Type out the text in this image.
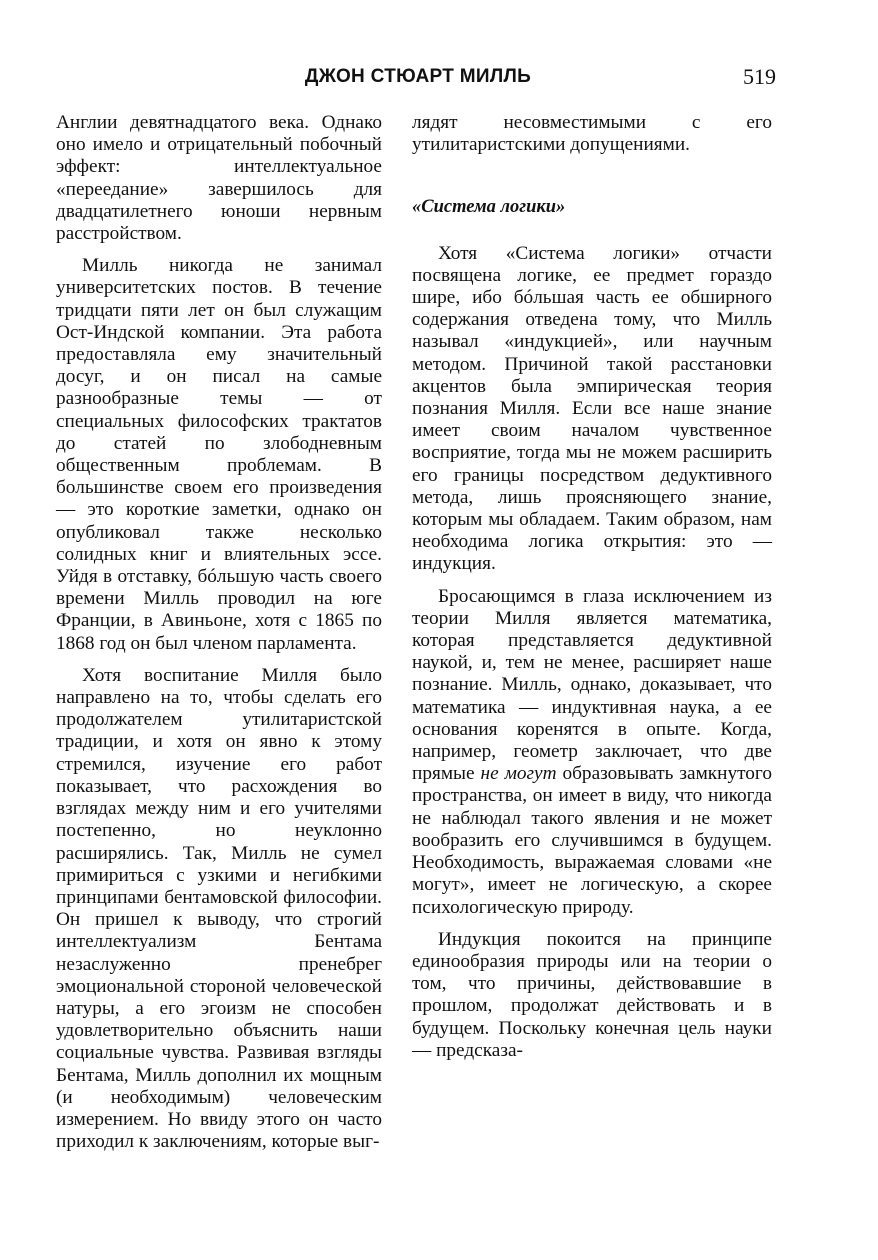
ДЖОН СТЮАРТ МИЛЛЬ	519

Англии девятнадцатого века. Однако оно имело и отрицательный побочный эффект: интеллектуальное «переедание» завершилось для двадцатилетнего юноши нервным расстройством.

Милль никогда не занимал университетских постов. В течение тридцати пяти лет он был служащим Ост-Индской компании. Эта работа предоставляла ему значительный досуг, и он писал на самые разнообразные темы — от специальных философских трактатов до статей по злободневным общественным проблемам. В большинстве своем его произведения — это короткие заметки, однако он опубликовал также несколько солидных книг и влиятельных эссе. Уйдя в отставку, бóльшую часть своего времени Милль проводил на юге Франции, в Авиньоне, хотя с 1865 по 1868 год он был членом парламента.

Хотя воспитание Милля было направлено на то, чтобы сделать его продолжателем утилитаристской традиции, и хотя он явно к этому стремился, изучение его работ показывает, что расхождения во взглядах между ним и его учителями постепенно, но неуклонно расширялись. Так, Милль не сумел примириться с узкими и негибкими принципами бентамовской философии. Он пришел к выводу, что строгий интеллектуализм Бентама незаслуженно пренебрег эмоциональной стороной человеческой натуры, а его эгоизм не способен удовлетворительно объяснить наши социальные чувства. Развивая взгляды Бентама, Милль дополнил их мощным (и необходимым) человеческим измерением. Но ввиду этого он часто приходил к заключениям, которые выг-

лядят несовместимыми с его утилитаристскими допущениями.

«Система логики»

Хотя «Система логики» отчасти посвящена логике, ее предмет гораздо шире, ибо бóльшая часть ее обширного содержания отведена тому, что Милль называл «индукцией», или научным методом. Причиной такой расстановки акцентов была эмпирическая теория познания Милля. Если все наше знание имеет своим началом чувственное восприятие, тогда мы не можем расширить его границы посредством дедуктивного метода, лишь проясняющего знание, которым мы обладаем. Таким образом, нам необходима логика открытия: это — индукция.

Бросающимся в глаза исключением из теории Милля является математика, которая представляется дедуктивной наукой, и, тем не менее, расширяет наше познание. Милль, однако, доказывает, что математика — индуктивная наука, а ее основания коренятся в опыте. Когда, например, геометр заключает, что две прямые не могут образовывать замкнутого пространства, он имеет в виду, что никогда не наблюдал такого явления и не может вообразить его случившимся в будущем. Необходимость, выражаемая словами «не могут», имеет не логическую, а скорее психологическую природу.

Индукция покоится на принципе единообразия природы или на теории о том, что причины, действовавшие в прошлом, продолжат действовать и в будущем. Поскольку конечная цель науки — предсказа-
